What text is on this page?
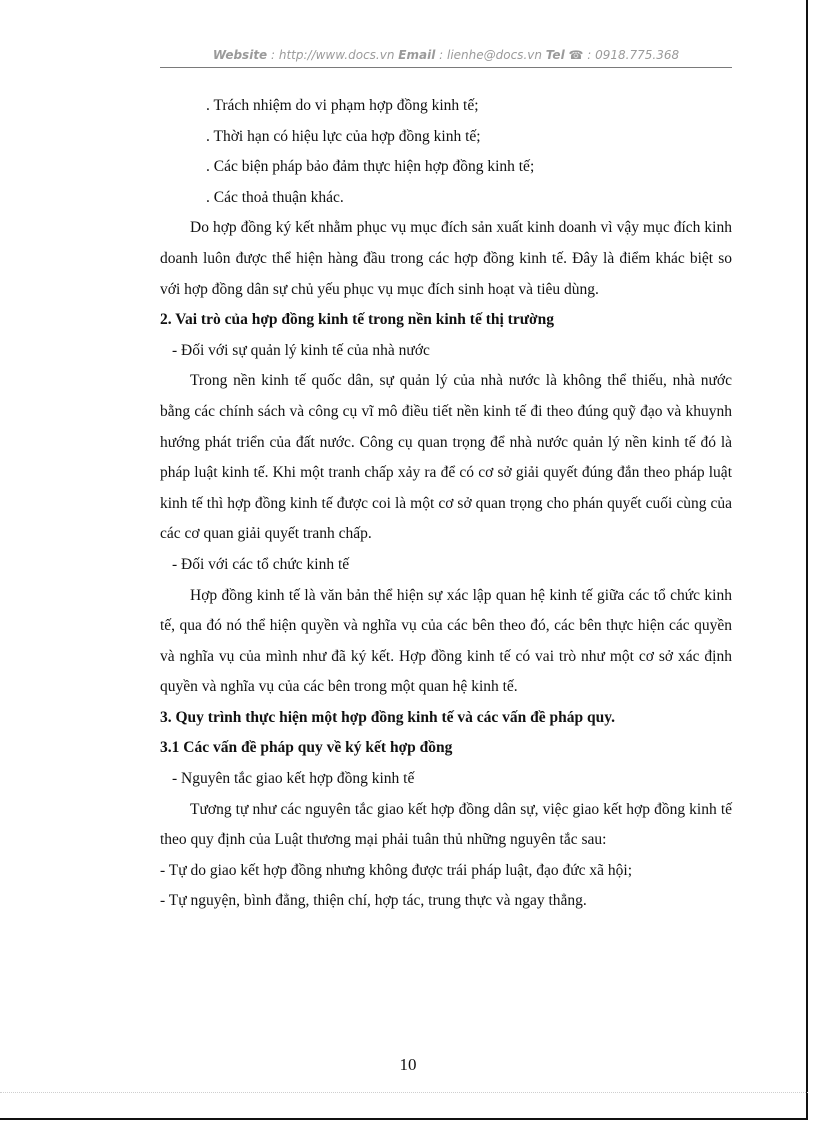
Website : http://www.docs.vn Email : lienhe@docs.vn Tel ☎ : 0918.775.368

. Trách nhiệm do vi phạm hợp đồng kinh tế;

. Thời hạn có hiệu lực của hợp đồng kinh tế;

. Các biện pháp bảo đảm thực hiện hợp đồng kinh tế;

. Các thoả thuận khác.

Do hợp đồng ký kết nhằm phục vụ mục đích sản xuất kinh doanh vì vậy mục đích kinh doanh luôn được thể hiện hàng đầu trong các hợp đồng kinh tế. Đây là điểm khác biệt so với hợp đồng dân sự chủ yếu phục vụ mục đích sinh hoạt và tiêu dùng.

2. Vai trò của hợp đồng kinh tế trong nền kinh tế thị trường

- Đối với sự quản lý kinh tế của nhà nước

Trong nền kinh tế quốc dân, sự quản lý của nhà nước là không thể thiếu, nhà nước bằng các chính sách và công cụ vĩ mô điều tiết nền kinh tế đi theo đúng quỹ đạo và khuynh hướng phát triển của đất nước. Công cụ quan trọng để nhà nước quản lý nền kinh tế đó là pháp luật kinh tế. Khi một tranh chấp xảy ra để có cơ sở giải quyết đúng đắn theo pháp luật kinh tế thì hợp đồng kinh tế được coi là một cơ sở quan trọng cho phán quyết cuối cùng của các cơ quan giải quyết tranh chấp.

- Đối với các tổ chức kinh tế

Hợp đồng kinh tế là văn bản thể hiện sự xác lập quan hệ kinh tế giữa các tổ chức kinh tế, qua đó nó thể hiện quyền và nghĩa vụ của các bên theo đó, các bên thực hiện các quyền và nghĩa vụ của mình như đã ký kết. Hợp đồng kinh tế có vai trò như một cơ sở xác định quyền và nghĩa vụ của các bên trong một quan hệ kinh tế.

3. Quy trình thực hiện một hợp đồng kinh tế và các vấn đề pháp quy.

3.1 Các vấn đề pháp quy về ký kết hợp đồng

- Nguyên tắc giao kết hợp đồng kinh tế

Tương tự như các nguyên tắc giao kết hợp đồng dân sự, việc giao kết hợp đồng kinh tế theo quy định của Luật thương mại phải tuân thủ những nguyên tắc sau:

- Tự do giao kết hợp đồng nhưng không được trái pháp luật, đạo đức xã hội;

- Tự nguyện, bình đẳng, thiện chí, hợp tác, trung thực và ngay thẳng.

10
